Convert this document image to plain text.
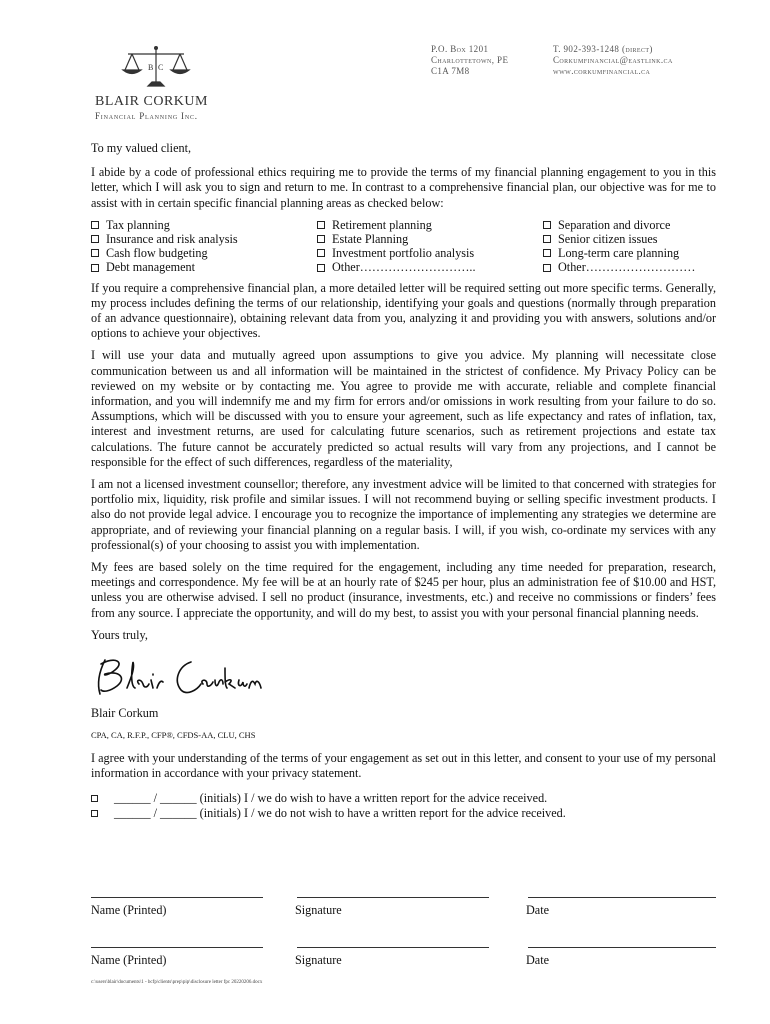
B C
BLAIR CORKUM
Financial Planning Inc.
P.O. Box 1201
Charlottetown, PE
C1A 7M8
T. 902-393-1248 (direct)
Corkumfinancial@eastlink.ca
www.corkumfinancial.ca

To my valued client,

I abide by a code of professional ethics requiring me to provide the terms of my financial planning engagement to you in this letter, which I will ask you to sign and return to me. In contrast to a comprehensive financial plan, our objective was for me to assist with in certain specific financial planning areas as checked below:

Tax planning
Insurance and risk analysis
Cash flow budgeting
Debt management
Retirement planning
Estate Planning
Investment portfolio analysis
Other………………………..
Separation and divorce
Senior citizen issues
Long-term care planning
Other………………………

If you require a comprehensive financial plan, a more detailed letter will be required setting out more specific terms. Generally, my process includes defining the terms of our relationship, identifying your goals and questions (normally through preparation of an advance questionnaire), obtaining relevant data from you, analyzing it and providing you with answers, solutions and/or options to achieve your objectives.

I will use your data and mutually agreed upon assumptions to give you advice. My planning will necessitate close communication between us and all information will be maintained in the strictest of confidence. My Privacy Policy can be reviewed on my website or by contacting me. You agree to provide me with accurate, reliable and complete financial information, and you will indemnify me and my firm for errors and/or omissions in work resulting from your failure to do so. Assumptions, which will be discussed with you to ensure your agreement, such as life expectancy and rates of inflation, tax, interest and investment returns, are used for calculating future scenarios, such as retirement projections and estate tax calculations. The future cannot be accurately predicted so actual results will vary from any projections, and I cannot be responsible for the effect of such differences, regardless of the materiality,

I am not a licensed investment counsellor; therefore, any investment advice will be limited to that concerned with strategies for portfolio mix, liquidity, risk profile and similar issues. I will not recommend buying or selling specific investment products. I also do not provide legal advice. I encourage you to recognize the importance of implementing any strategies we determine are appropriate, and of reviewing your financial planning on a regular basis. I will, if you wish, co-ordinate my services with any professional(s) of your choosing to assist you with implementation.

My fees are based solely on the time required for the engagement, including any time needed for preparation, research, meetings and correspondence. My fee will be at an hourly rate of $245 per hour, plus an administration fee of $10.00 and HST, unless you are otherwise advised. I sell no product (insurance, investments, etc.) and receive no commissions or finders’ fees from any source. I appreciate the opportunity, and will do my best, to assist you with your personal financial planning needs.

Yours truly,

Blair Corkum

CPA, CA, R.F.P., CFP®, CFDS-AA, CLU, CHS

I agree with your understanding of the terms of your engagement as set out in this letter, and consent to your use of my personal information in accordance with your privacy statement.

______ / ______ (initials) I / we do wish to have a written report for the advice received.
______ / ______ (initials) I / we do not wish to have a written report for the advice received.
Name (Printed)	Signature	Date
Name (Printed)	Signature	Date
c:\users\blair\documents\1 - bcfp\clients\prep\pip\disclosure letter fpc 20220206.docx
